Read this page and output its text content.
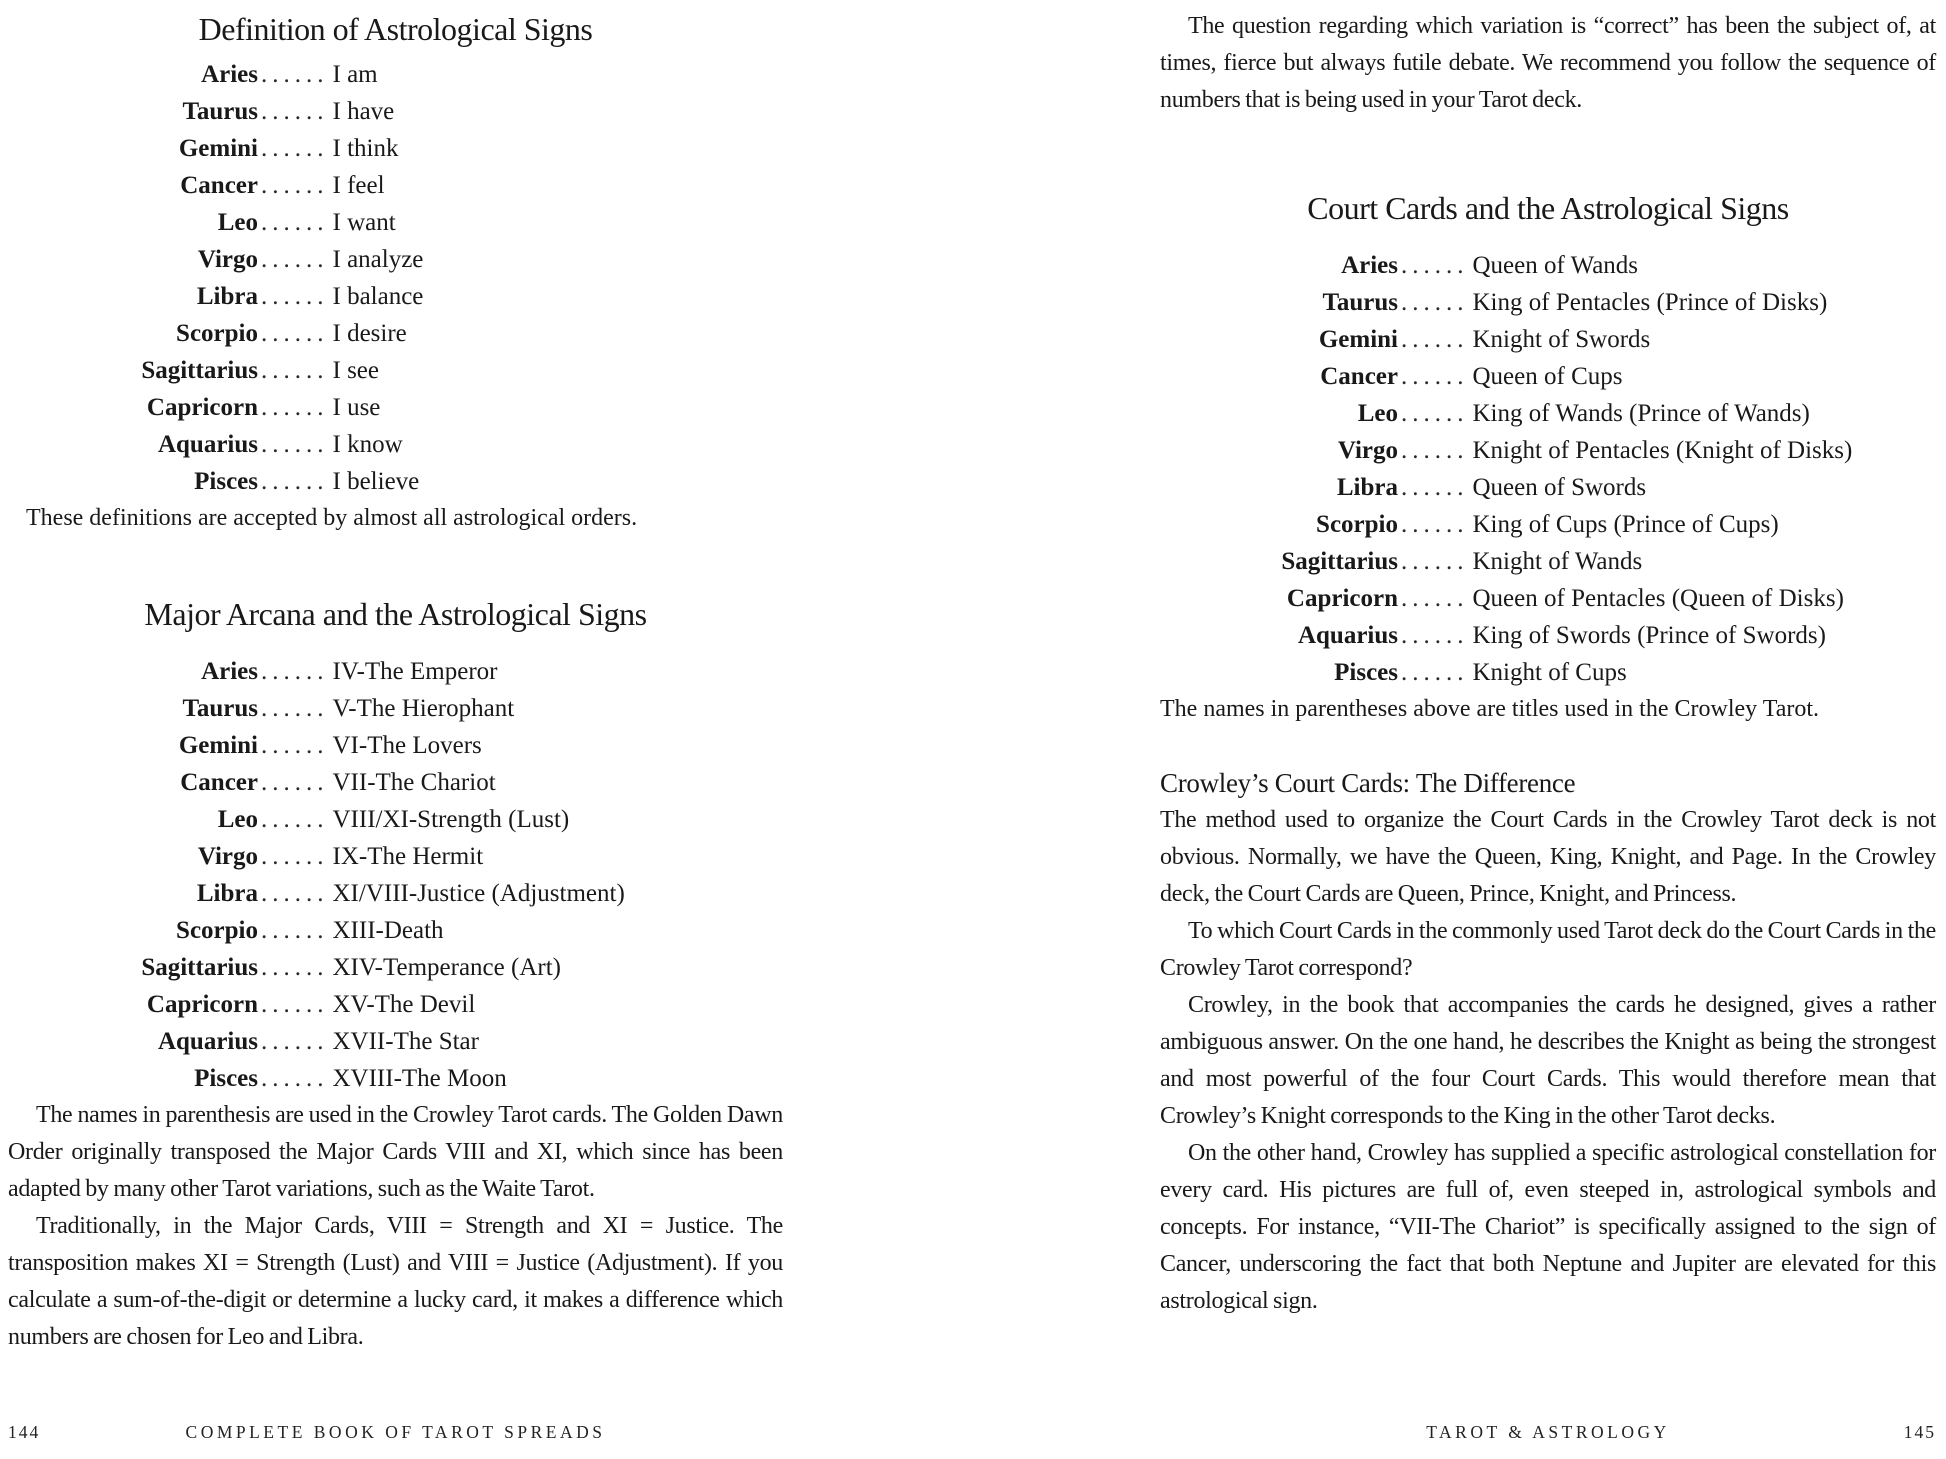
Definition of Astrological Signs
Aries ...... I am
Taurus ...... I have
Gemini ...... I think
Cancer ...... I feel
Leo ...... I want
Virgo ...... I analyze
Libra ...... I balance
Scorpio ...... I desire
Sagittarius ...... I see
Capricorn ...... I use
Aquarius ...... I know
Pisces ...... I believe

These definitions are accepted by almost all astrological orders.

Major Arcana and the Astrological Signs
Aries ...... IV-The Emperor
Taurus ...... V-The Hierophant
Gemini ...... VI-The Lovers
Cancer ...... VII-The Chariot
Leo ...... VIII/XI-Strength (Lust)
Virgo ...... IX-The Hermit
Libra ...... XI/VIII-Justice (Adjustment)
Scorpio ...... XIII-Death
Sagittarius ...... XIV-Temperance (Art)
Capricorn ...... XV-The Devil
Aquarius ...... XVII-The Star
Pisces ...... XVIII-The Moon

The names in parenthesis are used in the Crowley Tarot cards. The Golden Dawn Order originally transposed the Major Cards VIII and XI, which since has been adapted by many other Tarot variations, such as the Waite Tarot.

Traditionally, in the Major Cards, VIII = Strength and XI = Justice. The transposition makes XI = Strength (Lust) and VIII = Justice (Adjustment). If you calculate a sum-of-the-digit or determine a lucky card, it makes a difference which numbers are chosen for Leo and Libra.

144	COMPLETE BOOK OF TAROT SPREADS

The question regarding which variation is “correct” has been the subject of, at times, fierce but always futile debate. We recommend you follow the sequence of numbers that is being used in your Tarot deck.

Court Cards and the Astrological Signs
Aries ...... Queen of Wands
Taurus ...... King of Pentacles (Prince of Disks)
Gemini ...... Knight of Swords
Cancer ...... Queen of Cups
Leo ...... King of Wands (Prince of Wands)
Virgo ...... Knight of Pentacles (Knight of Disks)
Libra ...... Queen of Swords
Scorpio ...... King of Cups (Prince of Cups)
Sagittarius ...... Knight of Wands
Capricorn ...... Queen of Pentacles (Queen of Disks)
Aquarius ...... King of Swords (Prince of Swords)
Pisces ...... Knight of Cups

The names in parentheses above are titles used in the Crowley Tarot.

Crowley’s Court Cards: The Difference

The method used to organize the Court Cards in the Crowley Tarot deck is not obvious. Normally, we have the Queen, King, Knight, and Page. In the Crowley deck, the Court Cards are Queen, Prince, Knight, and Princess.

To which Court Cards in the commonly used Tarot deck do the Court Cards in the Crowley Tarot correspond?

Crowley, in the book that accompanies the cards he designed, gives a rather ambiguous answer. On the one hand, he describes the Knight as being the strongest and most powerful of the four Court Cards. This would therefore mean that Crowley’s Knight corresponds to the King in the other Tarot decks.

On the other hand, Crowley has supplied a specific astrological constellation for every card. His pictures are full of, even steeped in, astrological symbols and concepts. For instance, “VII-The Chariot” is specifically assigned to the sign of Cancer, underscoring the fact that both Neptune and Jupiter are elevated for this astrological sign.

TAROT & ASTROLOGY	145
